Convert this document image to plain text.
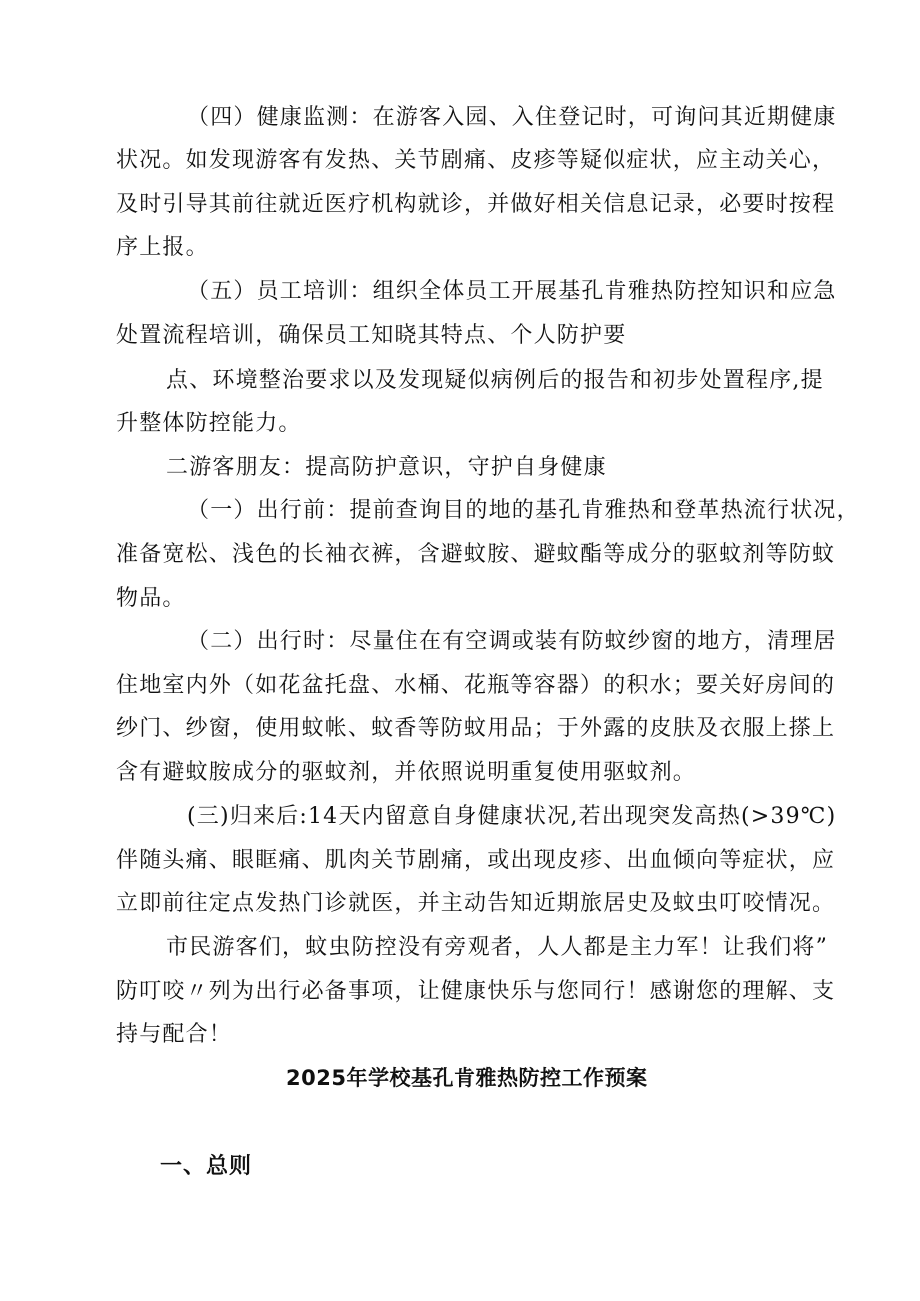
（四）健康监测：在游客入园、入住登记时，可询问其近期健康

状况。如发现游客有发热、关节剧痛、皮疹等疑似症状，应主动关心，

及时引导其前往就近医疗机构就诊，并做好相关信息记录，必要时按程

序上报。

（五）员工培训：组织全体员工开展基孔肯雅热防控知识和应急

处置流程培训，确保员工知晓其特点、个人防护要

点、环境整治要求以及发现疑似病例后的报告和初步处置程序,提

升整体防控能力。

二游客朋友：提高防护意识，守护自身健康

（一）出行前：提前查询目的地的基孔肯雅热和登革热流行状况，

准备宽松、浅色的长袖衣裤，含避蚊胺、避蚊酯等成分的驱蚊剂等防蚊

物品。

（二）出行时：尽量住在有空调或装有防蚊纱窗的地方，清理居

住地室内外（如花盆托盘、水桶、花瓶等容器）的积水；要关好房间的

纱门、纱窗，使用蚊帐、蚊香等防蚊用品；于外露的皮肤及衣服上搽上

含有避蚊胺成分的驱蚊剂，并依照说明重复使用驱蚊剂。

(三)归来后:14天内留意自身健康状况,若出现突发高热(>39℃)

伴随头痛、眼眶痛、肌肉关节剧痛，或出现皮疹、出血倾向等症状，应

立即前往定点发热门诊就医，并主动告知近期旅居史及蚊虫叮咬情况。

市民游客们，蚊虫防控没有旁观者，人人都是主力军！让我们将”

防叮咬〃列为出行必备事项，让健康快乐与您同行！感谢您的理解、支

持与配合！

2025年学校基孔肯雅热防控工作预案

一、总则
